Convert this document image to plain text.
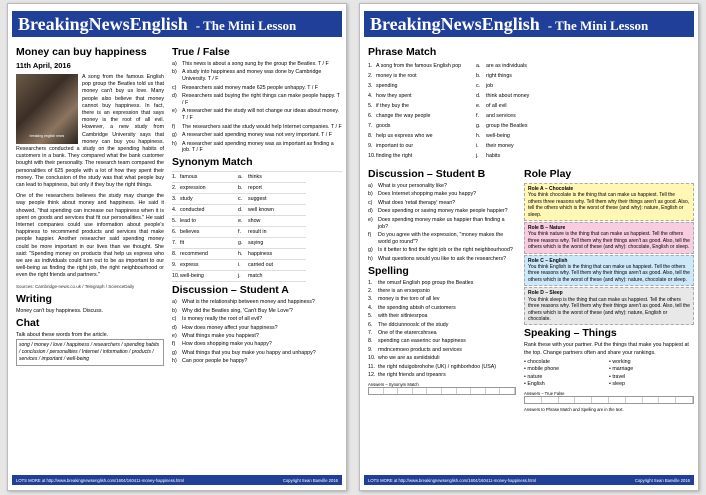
BreakingNewsEnglish - The Mini Lesson
Money can buy happiness
11th April, 2016
breaking english news

A song from the famous English pop group the Beatles told us that money can't buy us love. Many people also believe that money cannot buy happiness. In fact, there is an expression that says money is the root of all evil. However, a new study from Cambridge University says that money can buy you happiness. Researchers conducted a study on the spending habits of customers in a bank. They compared what the bank customer bought with their personality. The research team compared the personalities of 625 people with a lot of how they spent their money. The conclusion of the study was that what people buy can lead to happiness, but only if they buy the right things.

One of the researchers believes the study may change the way people think about money and happiness. He said it showed, "that spending can increase our happiness when it is spent on goods and services that fit our personalities." He said Internet companies could use information about people's happiness to recommend products and services that make people happier. Another researcher said spending money could be more important in our lives than we thought. She said: "Spending money on products that help us express who we are as individuals could turn out to be as important to our well-being as finding the right job, the right neighbourhood or even the right friends and partners."

Sources: Cambridge-news.co.uk / Telegraph / ScienceDaily
Writing
Money can't buy happiness. Discuss.
Chat
Talk about these words from the article.
song / money / love / happiness / researchers / spending habits / conclusion / personalities / Internet / information / products / services / important / well-being
True / False
a) This news is about a song sung by the group the Beatles. T / F
b) A study into happiness and money was done by Cambridge University. T / F
c)	Researchers said money made 625 people unhappy. T / F
d) Researchers said buying the right things can make people happy. T / F
e) A researcher said the study will not change our ideas about money. T / F
f)	The researchers said the study would help Internet companies. T / F
g) A researcher said spending money was not very important. T / F
h) A researcher said spending money was as important as finding a job. T / F
Synonym Match
1. famous	a.	thinks
2. expression	b.	report
3. study	c.	suggest
4. conducted	d.	well known
5. lead to	e.	show
6. believes	f.	result in
7. fit	g.	saying
8. recommend	h.	happiness
9. express	i.	carried out
10. well-being	j.	match
Discussion – Student A
a) What is the relationship between money and happiness?
b) Why did the Beatles sing, 'Can't Buy Me Love'?
c)	Is money really the root of all evil?
d) How does money affect your happiness?
e) What things make you happiest?
f)	How does shopping make you happy?
g) What things that you buy make you happy and unhappy?
h) Can poor people be happy?
LOTS MORE at http://www.breakingnewsenglish.com/1604/160411-money-happiness.html	Copyright Sean Banville 2016
BreakingNewsEnglish - The Mini Lesson
Phrase Match
1. A song from the famous English pop	a.	are as individuals
2. money is the root	b.	right things
3. spending	c.	job
4. how they spent	d.	think about money
5. if they buy the	e.	of all evil
6. change the way people	f.	and services
7. goods	g.	group the Beatles
8. help us express who we	h.	well-being
9. important to our	i.	their money
10. finding the right	j.	habits
Discussion – Student B
a) What is your personality like?
b) Does Internet shopping make you happy?
c)	What does 'retail therapy' mean?
d) Does spending or saving money make people happier?
e) Does spending money make us happier than finding a job?
f)	Do you agree with the expression, "money makes the world go round"?
g) Is it better to find the right job or the right neighbourhood?
h) What questions would you like to ask the researchers?
Spelling
1.	the omusf English pop group the Beatles
2.	there is an erxsepsnio
3.	money is the toro of all lev
4.	the spending abtsih of customers
5.	with their sitlniesrpoa
6.	The ddciunnooslc of the study
7.	One of the etarercshrsea
8.	spending can easerinc our happiness
9.	rmdncemoeo products and services
10. who we are as avniidsiduli
11. the right nduigobrohohe (UK) / ngihborhdoo (USA)
12. the right friends and trpeanrs
Answers – Synonym Match
Role Play
Role A – Chocolate
You think chocolate is the thing that can make us happiest. Tell the others three reasons why. Tell them why their things aren't as good. Also, tell the others which is the worst of these (and why): nature, English or sleep.
Role B – Nature
You think nature is the thing that can make us happiest. Tell the others three reasons why. Tell them why their things aren't as good. Also, tell the others which is the worst of these (and why): chocolate, English or sleep.
Role C – English
You think English is the thing that can make us happiest. Tell the others three reasons why. Tell them why their things aren't as good. Also, tell the others which is the worst of these (and why): nature, chocolate or sleep.
Role D – Sleep
You think sleep is the thing that can make us happiest. Tell the others three reasons why. Tell them why their things aren't as good. Also, tell the others which is the worst of these (and why): nature, English or chocolate.
Speaking – Things
Rank these with your partner. Put the things that make you happiest at the top. Change partners often and share your rankings.
• chocolate	• working
• mobile phone	• marriage
• nature	• travel
• English	• sleep
Answers – True False
Answers to Phrase Match and Spelling are in the text.
LOTS MORE at http://www.breakingnewsenglish.com/1604/160411-money-happiness.html	Copyright Sean Banville 2016
